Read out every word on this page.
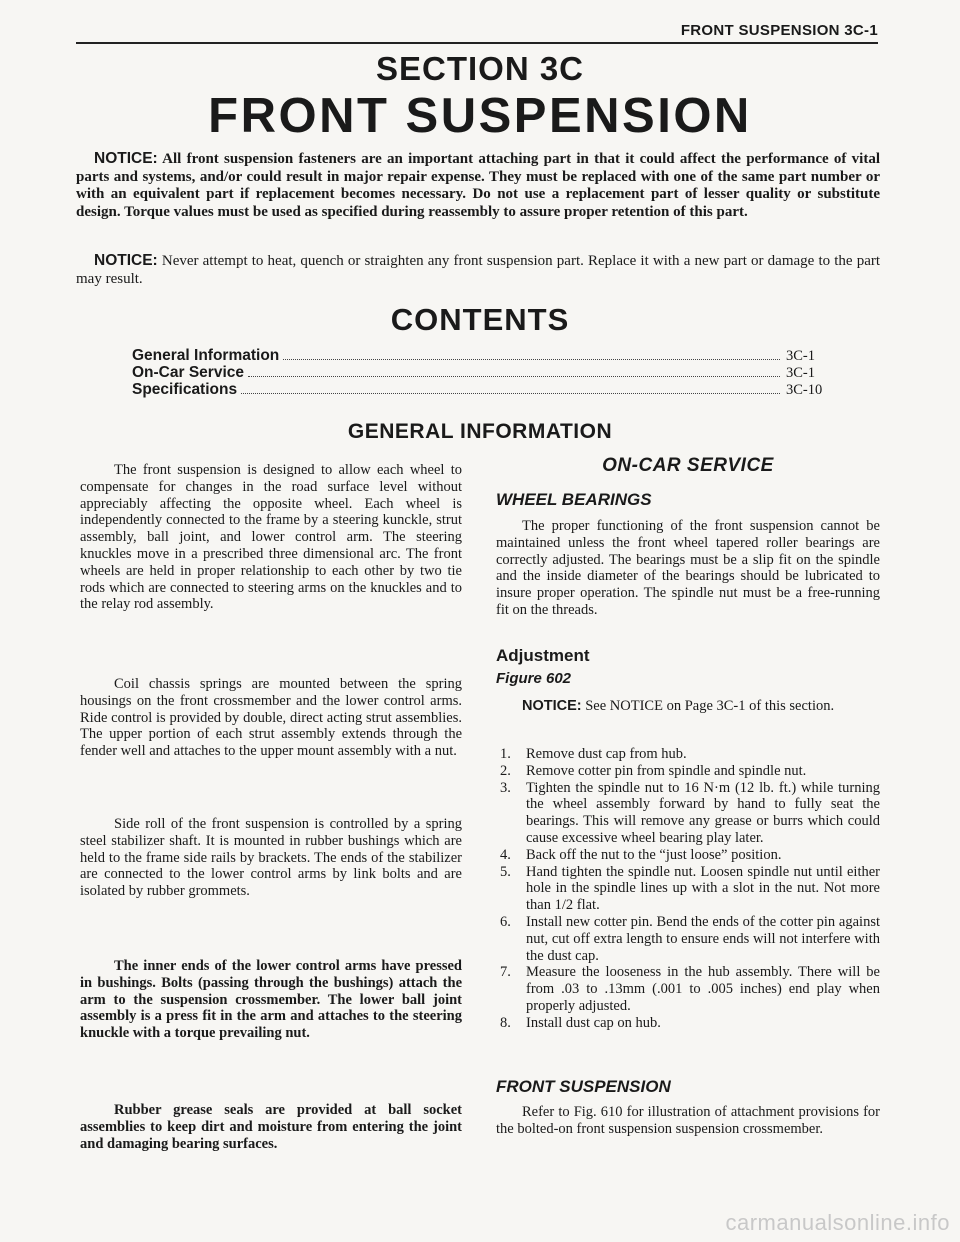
FRONT SUSPENSION 3C-1
SECTION 3C
FRONT SUSPENSION

NOTICE: All front suspension fasteners are an important attaching part in that it could affect the performance of vital parts and systems, and/or could result in major repair expense. They must be replaced with one of the same part number or with an equivalent part if replacement becomes necessary. Do not use a replacement part of lesser quality or substitute design. Torque values must be used as specified during reassembly to assure proper retention of this part.

NOTICE: Never attempt to heat, quench or straighten any front suspension part. Replace it with a new part or damage to the part may result.

CONTENTS
General Information	3C-1
On-Car Service	3C-1
Specifications	3C-10
GENERAL INFORMATION

The front suspension is designed to allow each wheel to compensate for changes in the road surface level without appreciably affecting the opposite wheel. Each wheel is independently connected to the frame by a steering kunckle, strut assembly, ball joint, and lower control arm. The steering knuckles move in a prescribed three dimensional arc. The front wheels are held in proper relationship to each other by two tie rods which are connected to steering arms on the knuckles and to the relay rod assembly.

Coil chassis springs are mounted between the spring housings on the front crossmember and the lower control arms. Ride control is provided by double, direct acting strut assemblies. The upper portion of each strut assembly extends through the fender well and attaches to the upper mount assembly with a nut.

Side roll of the front suspension is controlled by a spring steel stabilizer shaft. It is mounted in rubber bushings which are held to the frame side rails by brackets. The ends of the stabilizer are connected to the lower control arms by link bolts and are isolated by rubber grommets.

The inner ends of the lower control arms have pressed in bushings. Bolts (passing through the bushings) attach the arm to the suspension crossmember. The lower ball joint assembly is a press fit in the arm and attaches to the steering knuckle with a torque prevailing nut.

Rubber grease seals are provided at ball socket assemblies to keep dirt and moisture from entering the joint and damaging bearing surfaces.

ON-CAR SERVICE
WHEEL BEARINGS

The proper functioning of the front suspension cannot be maintained unless the front wheel tapered roller bearings are correctly adjusted. The bearings must be a slip fit on the spindle and the inside diameter of the bearings should be lubricated to insure proper operation. The spindle nut must be a free-running fit on the threads.

Adjustment
Figure 602

NOTICE: See NOTICE on Page 3C-1 of this section.

1.	Remove dust cap from hub.
2.	Remove cotter pin from spindle and spindle nut.
3.	Tighten the spindle nut to 16 N·m (12 lb. ft.) while turning the wheel assembly forward by hand to fully seat the bearings. This will remove any grease or burrs which could cause excessive wheel bearing play later.
4.	Back off the nut to the “just loose” position.
5.	Hand tighten the spindle nut. Loosen spindle nut until either hole in the spindle lines up with a slot in the nut. Not more than 1/2 flat.
6.	Install new cotter pin. Bend the ends of the cotter pin against nut, cut off extra length to ensure ends will not interfere with the dust cap.
7.	Measure the looseness in the hub assembly. There will be from .03 to .13mm (.001 to .005 inches) end play when properly adjusted.
8.	Install dust cap on hub.
FRONT SUSPENSION

Refer to Fig. 610 for illustration of attachment provisions for the bolted-on front suspension suspension crossmember.

carmanualsonline.info
